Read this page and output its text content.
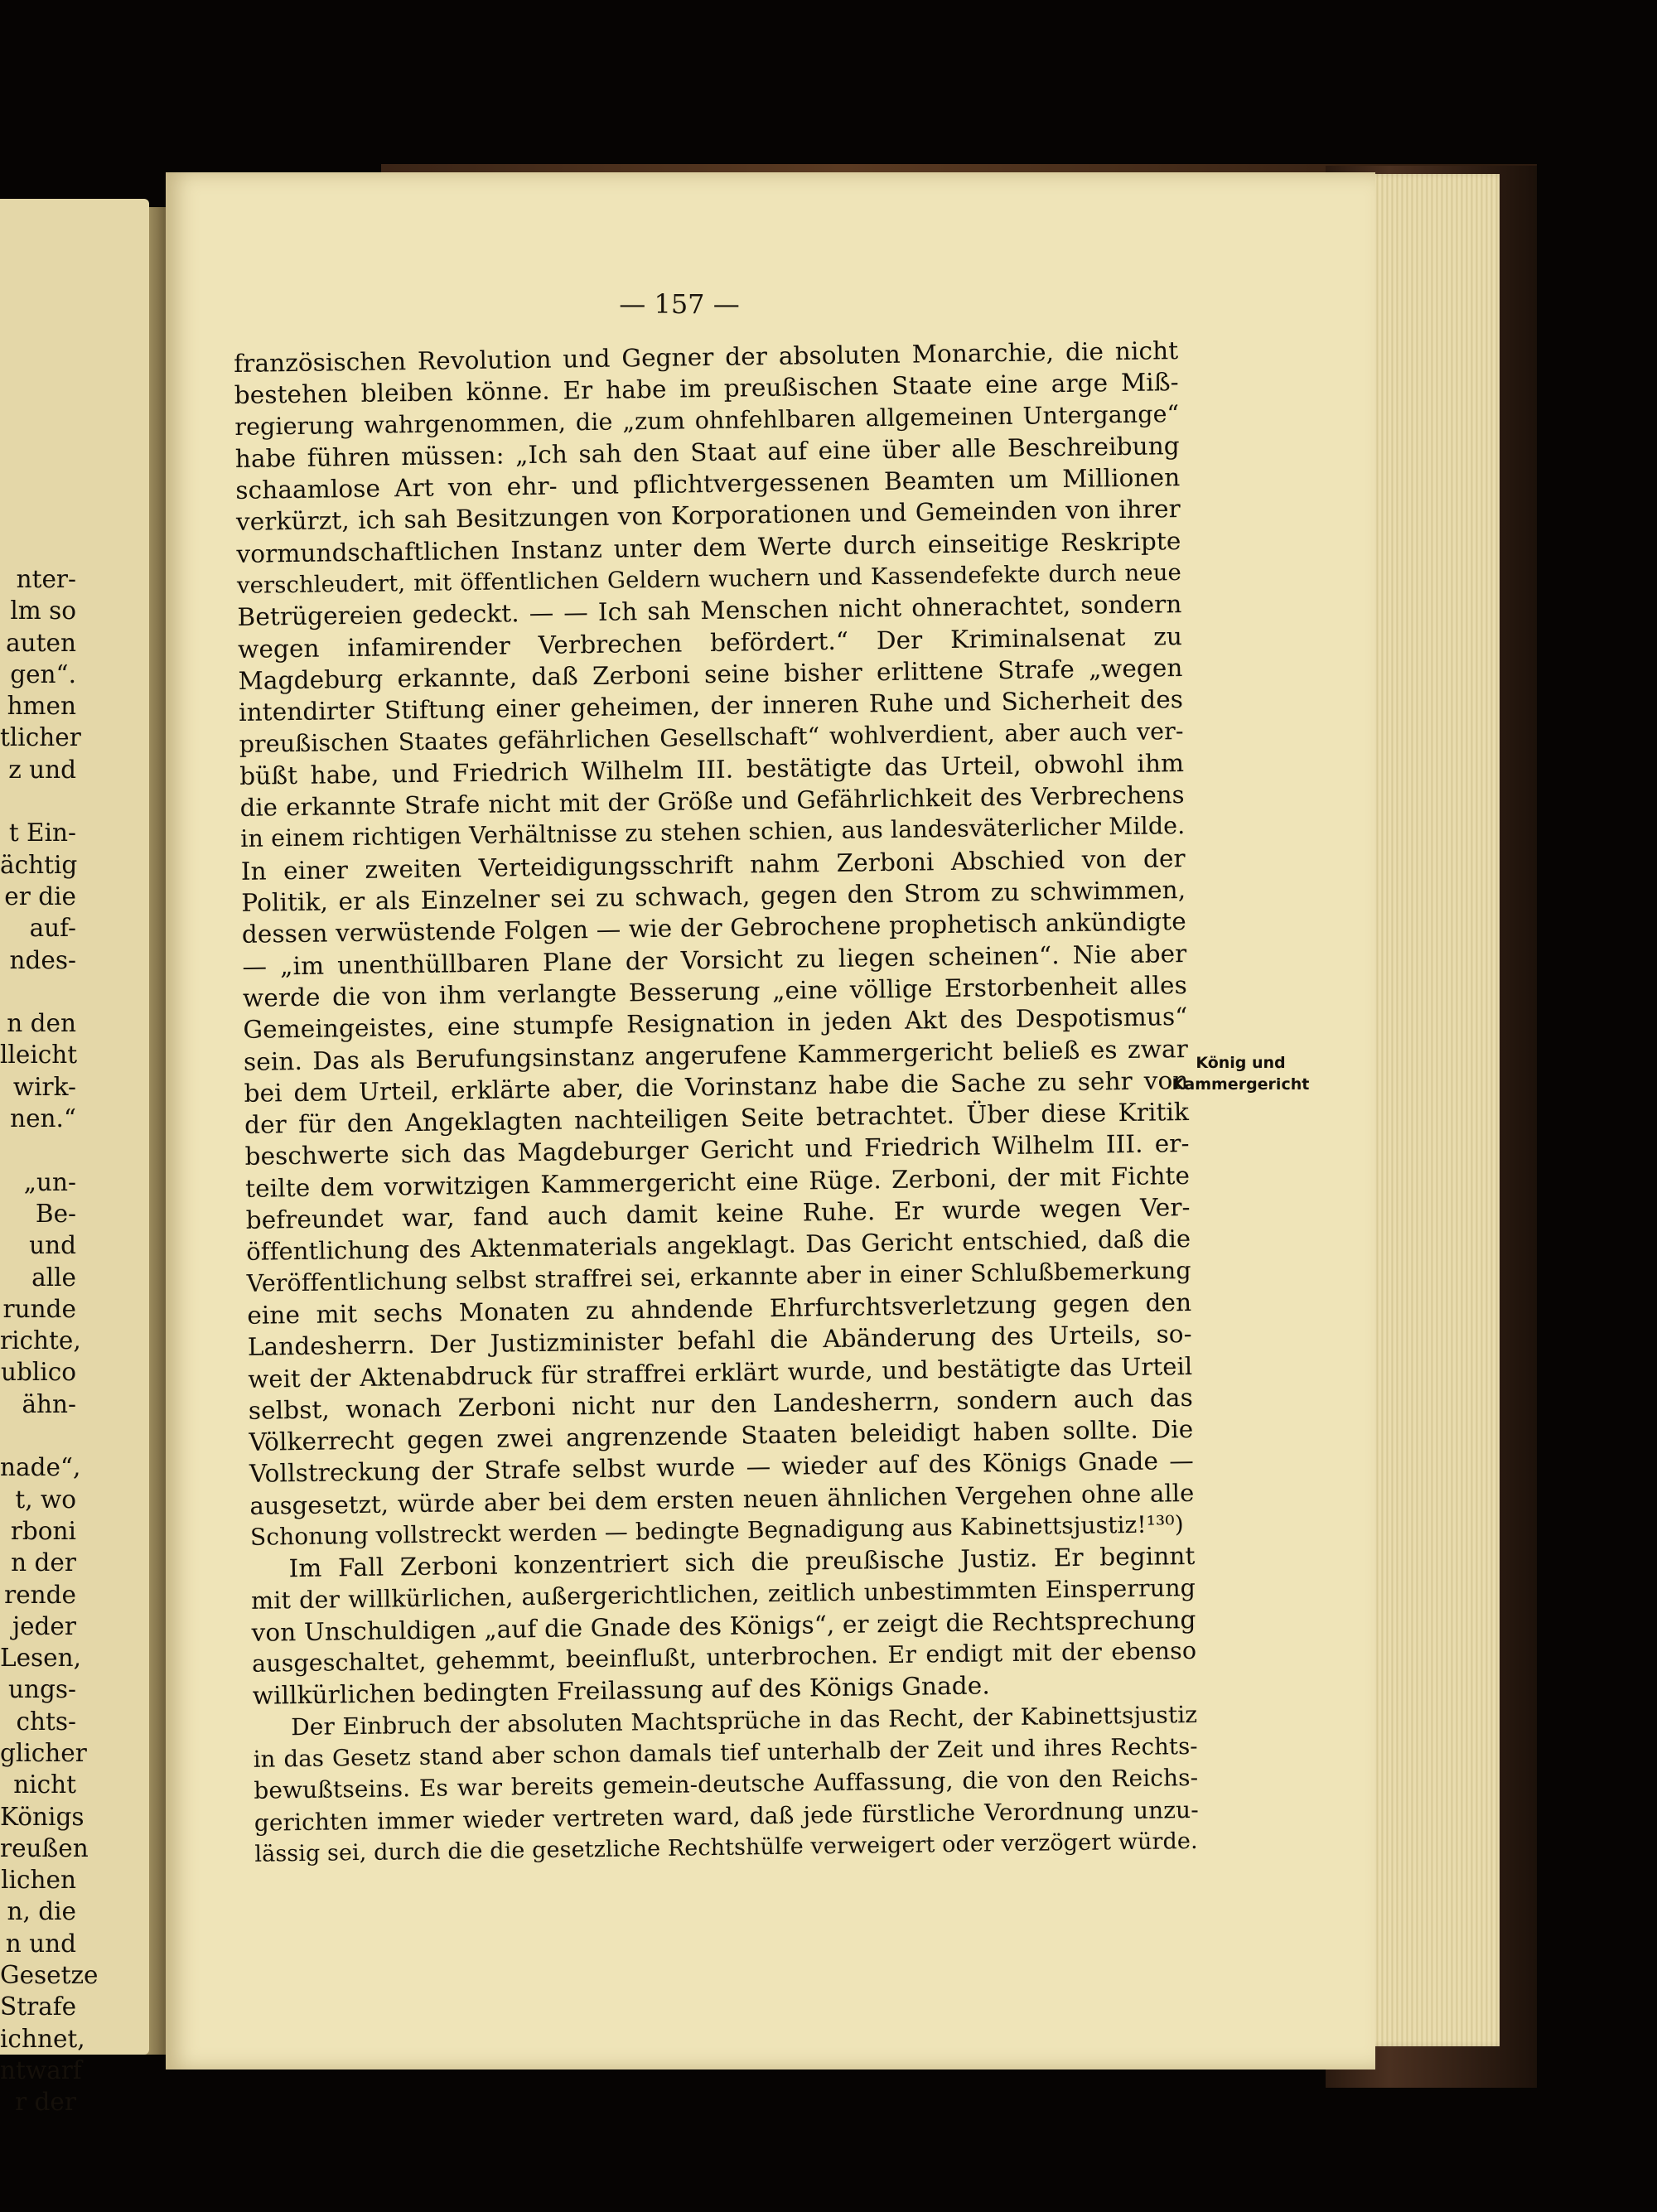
nter-
lm so
auten
gen“.
hmen
tlicher
z und
t Ein-
ächtig
er die
auf-
ndes-
n den
lleicht
wirk-
nen.“
„un-
Be-
und
alle
runde
richte,
ublico
ähn-
nade“,
t, wo
rboni
n der
rende
jeder
Lesen,
ungs-
chts-
glicher
nicht
Königs
reußen
lichen
n, die
n und
Gesetze
Strafe
ichnet,
ntwarf
r der
— 157 —
französischen Revolution und Gegner der absoluten Monarchie, die nicht
bestehen bleiben könne. Er habe im preußischen Staate eine arge Miß-
regierung wahrgenommen, die „zum ohnfehlbaren allgemeinen Untergange“
habe führen müssen: „Ich sah den Staat auf eine über alle Beschreibung
schaamlose Art von ehr- und pflichtvergessenen Beamten um Millionen
verkürzt, ich sah Besitzungen von Korporationen und Gemeinden von ihrer
vormundschaftlichen Instanz unter dem Werte durch einseitige Reskripte
verschleudert, mit öffentlichen Geldern wuchern und Kassendefekte durch neue
Betrügereien gedeckt. — — Ich sah Menschen nicht ohnerachtet, sondern
wegen infamirender Verbrechen befördert.“ Der Kriminalsenat zu
Magdeburg erkannte, daß Zerboni seine bisher erlittene Strafe „wegen
intendirter Stiftung einer geheimen, der inneren Ruhe und Sicherheit des
preußischen Staates gefährlichen Gesellschaft“ wohlverdient, aber auch ver-
büßt habe, und Friedrich Wilhelm III. bestätigte das Urteil, obwohl ihm
die erkannte Strafe nicht mit der Größe und Gefährlichkeit des Verbrechens
in einem richtigen Verhältnisse zu stehen schien, aus landesväterlicher Milde.
In einer zweiten Verteidigungsschrift nahm Zerboni Abschied von der
Politik, er als Einzelner sei zu schwach, gegen den Strom zu schwimmen,
dessen verwüstende Folgen — wie der Gebrochene prophetisch ankündigte
— „im unenthüllbaren Plane der Vorsicht zu liegen scheinen“. Nie aber
werde die von ihm verlangte Besserung „eine völlige Erstorbenheit alles
Gemeingeistes, eine stumpfe Resignation in jeden Akt des Despotismus“
sein. Das als Berufungsinstanz angerufene Kammergericht beließ es zwar
bei dem Urteil, erklärte aber, die Vorinstanz habe die Sache zu sehr von
der für den Angeklagten nachteiligen Seite betrachtet. Über diese Kritik
beschwerte sich das Magdeburger Gericht und Friedrich Wilhelm III. er-
teilte dem vorwitzigen Kammergericht eine Rüge. Zerboni, der mit Fichte
befreundet war, fand auch damit keine Ruhe. Er wurde wegen Ver-
öffentlichung des Aktenmaterials angeklagt. Das Gericht entschied, daß die
Veröffentlichung selbst straffrei sei, erkannte aber in einer Schlußbemerkung
eine mit sechs Monaten zu ahndende Ehrfurchtsverletzung gegen den
Landesherrn. Der Justizminister befahl die Abänderung des Urteils, so-
weit der Aktenabdruck für straffrei erklärt wurde, und bestätigte das Urteil
selbst, wonach Zerboni nicht nur den Landesherrn, sondern auch das
Völkerrecht gegen zwei angrenzende Staaten beleidigt haben sollte. Die
Vollstreckung der Strafe selbst wurde — wieder auf des Königs Gnade —
ausgesetzt, würde aber bei dem ersten neuen ähnlichen Vergehen ohne alle
Schonung vollstreckt werden — bedingte Begnadigung aus Kabinettsjustiz!¹³⁰)
Im Fall Zerboni konzentriert sich die preußische Justiz. Er beginnt
mit der willkürlichen, außergerichtlichen, zeitlich unbestimmten Einsperrung
von Unschuldigen „auf die Gnade des Königs“, er zeigt die Rechtsprechung
ausgeschaltet, gehemmt, beeinflußt, unterbrochen. Er endigt mit der ebenso
willkürlichen bedingten Freilassung auf des Königs Gnade.
Der Einbruch der absoluten Machtsprüche in das Recht, der Kabinettsjustiz
in das Gesetz stand aber schon damals tief unterhalb der Zeit und ihres Rechts-
bewußtseins. Es war bereits gemein-deutsche Auffassung, die von den Reichs-
gerichten immer wieder vertreten ward, daß jede fürstliche Verordnung unzu-
lässig sei, durch die die gesetzliche Rechtshülfe verweigert oder verzögert würde.
König und
Kammergericht
